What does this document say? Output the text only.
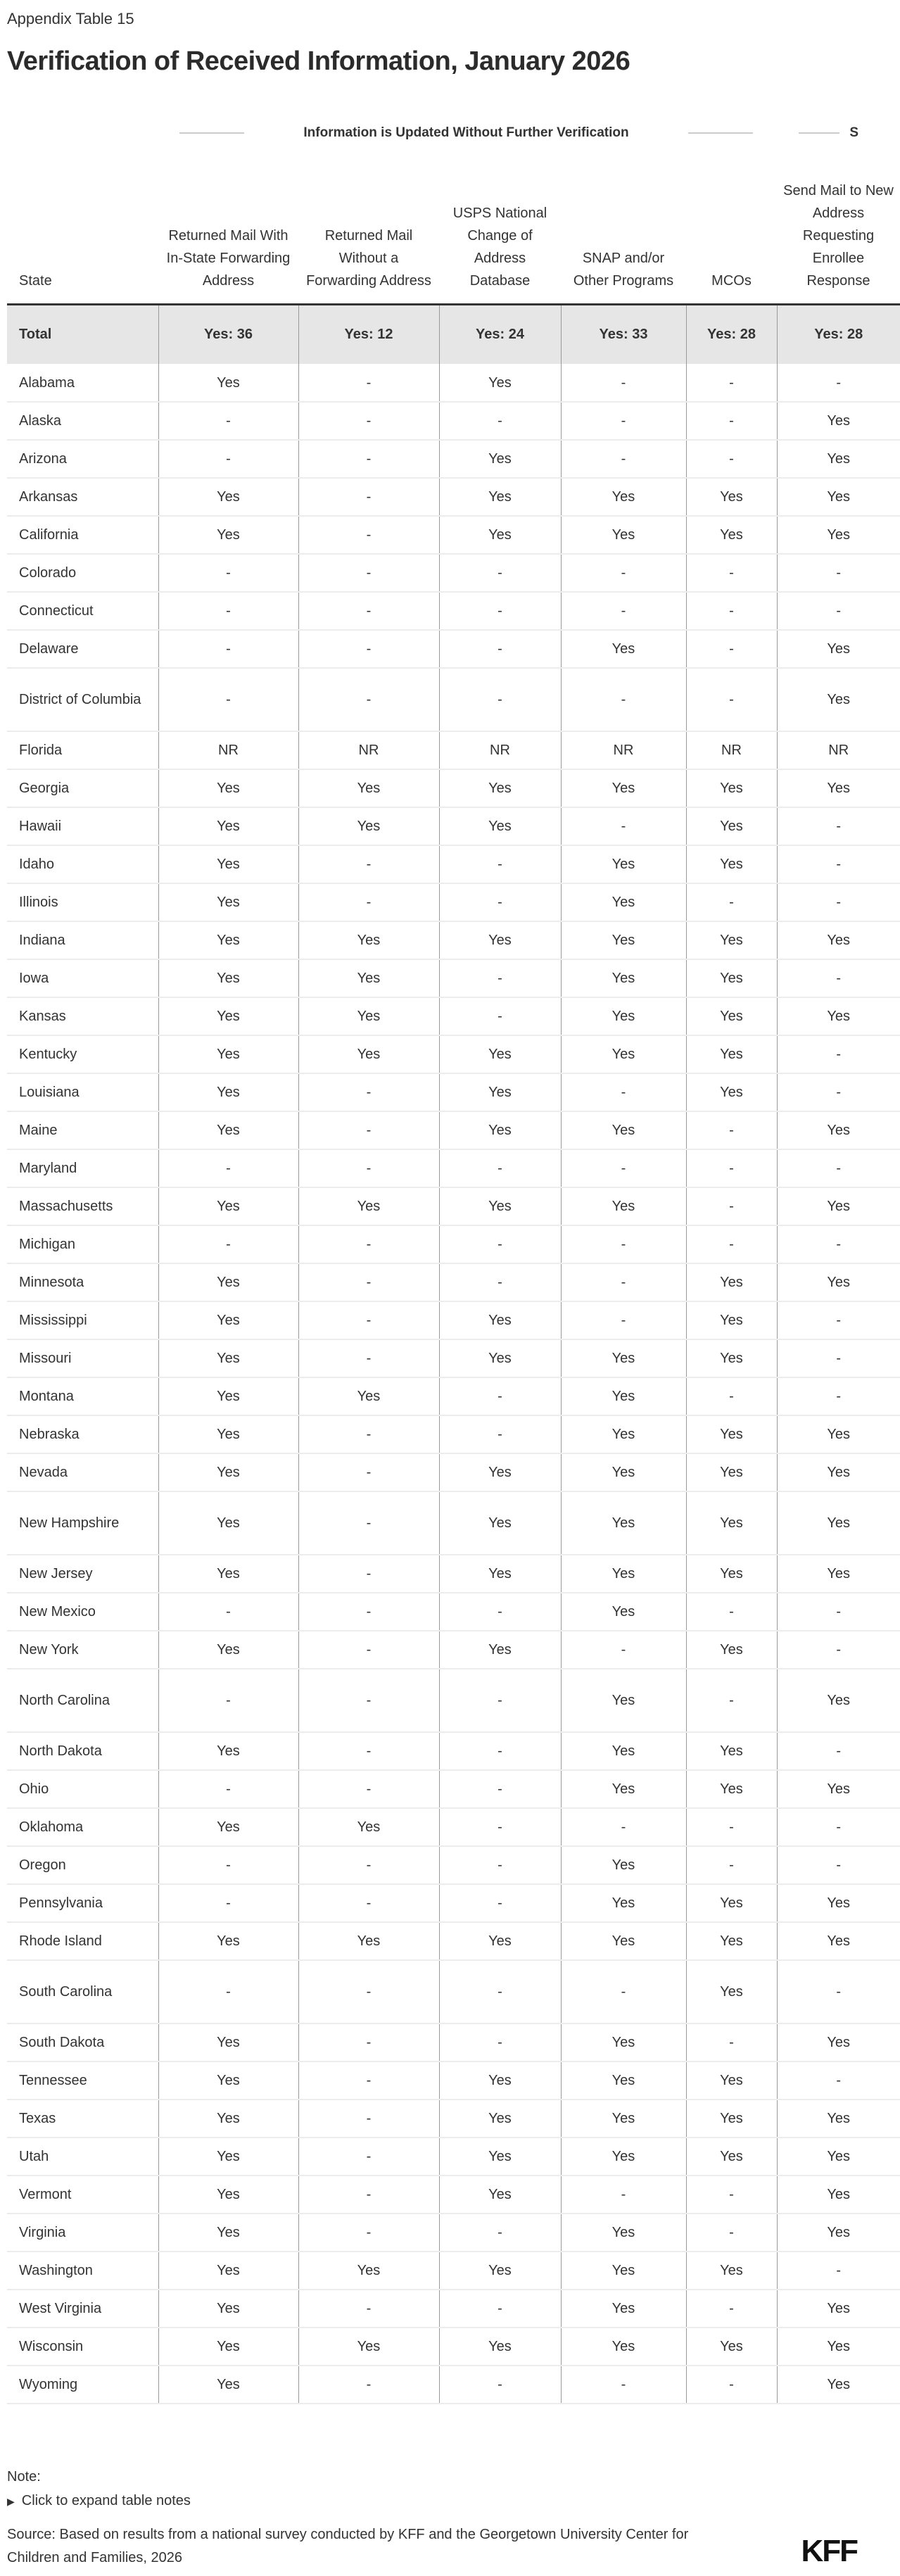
Appendix Table 15
Verification of Received Information, January 2026
Information is Updated Without Further Verification	S
State	Returned Mail With In-State Forwarding Address	Returned Mail Without a Forwarding Address	USPS National Change of Address Database	SNAP and/or Other Programs	MCOs	Send Mail to New Address Requesting Enrollee Response
Total	Yes: 36	Yes: 12	Yes: 24	Yes: 33	Yes: 28	Yes: 28
Alabama	Yes	-	Yes	-	-	-
Alaska	-	-	-	-	-	Yes
Arizona	-	-	Yes	-	-	Yes
Arkansas	Yes	-	Yes	Yes	Yes	Yes
California	Yes	-	Yes	Yes	Yes	Yes
Colorado	-	-	-	-	-	-
Connecticut	-	-	-	-	-	-
Delaware	-	-	-	Yes	-	Yes
District of Columbia	-	-	-	-	-	Yes
Florida	NR	NR	NR	NR	NR	NR
Georgia	Yes	Yes	Yes	Yes	Yes	Yes
Hawaii	Yes	Yes	Yes	-	Yes	-
Idaho	Yes	-	-	Yes	Yes	-
Illinois	Yes	-	-	Yes	-	-
Indiana	Yes	Yes	Yes	Yes	Yes	Yes
Iowa	Yes	Yes	-	Yes	Yes	-
Kansas	Yes	Yes	-	Yes	Yes	Yes
Kentucky	Yes	Yes	Yes	Yes	Yes	-
Louisiana	Yes	-	Yes	-	Yes	-
Maine	Yes	-	Yes	Yes	-	Yes
Maryland	-	-	-	-	-	-
Massachusetts	Yes	Yes	Yes	Yes	-	Yes
Michigan	-	-	-	-	-	-
Minnesota	Yes	-	-	-	Yes	Yes
Mississippi	Yes	-	Yes	-	Yes	-
Missouri	Yes	-	Yes	Yes	Yes	-
Montana	Yes	Yes	-	Yes	-	-
Nebraska	Yes	-	-	Yes	Yes	Yes
Nevada	Yes	-	Yes	Yes	Yes	Yes
New Hampshire	Yes	-	Yes	Yes	Yes	Yes
New Jersey	Yes	-	Yes	Yes	Yes	Yes
New Mexico	-	-	-	Yes	-	-
New York	Yes	-	Yes	-	Yes	-
North Carolina	-	-	-	Yes	-	Yes
North Dakota	Yes	-	-	Yes	Yes	-
Ohio	-	-	-	Yes	Yes	Yes
Oklahoma	Yes	Yes	-	-	-	-
Oregon	-	-	-	Yes	-	-
Pennsylvania	-	-	-	Yes	Yes	Yes
Rhode Island	Yes	Yes	Yes	Yes	Yes	Yes
South Carolina	-	-	-	-	Yes	-
South Dakota	Yes	-	-	Yes	-	Yes
Tennessee	Yes	-	Yes	Yes	Yes	-
Texas	Yes	-	Yes	Yes	Yes	Yes
Utah	Yes	-	Yes	Yes	Yes	Yes
Vermont	Yes	-	Yes	-	-	Yes
Virginia	Yes	-	-	Yes	-	Yes
Washington	Yes	Yes	Yes	Yes	Yes	-
West Virginia	Yes	-	-	Yes	-	Yes
Wisconsin	Yes	Yes	Yes	Yes	Yes	Yes
Wyoming	Yes	-	-	-	-	Yes
Note:
▶ Click to expand table notes
Source: Based on results from a national survey conducted by KFF and the Georgetown University Center for Children and Families, 2026	KFF
